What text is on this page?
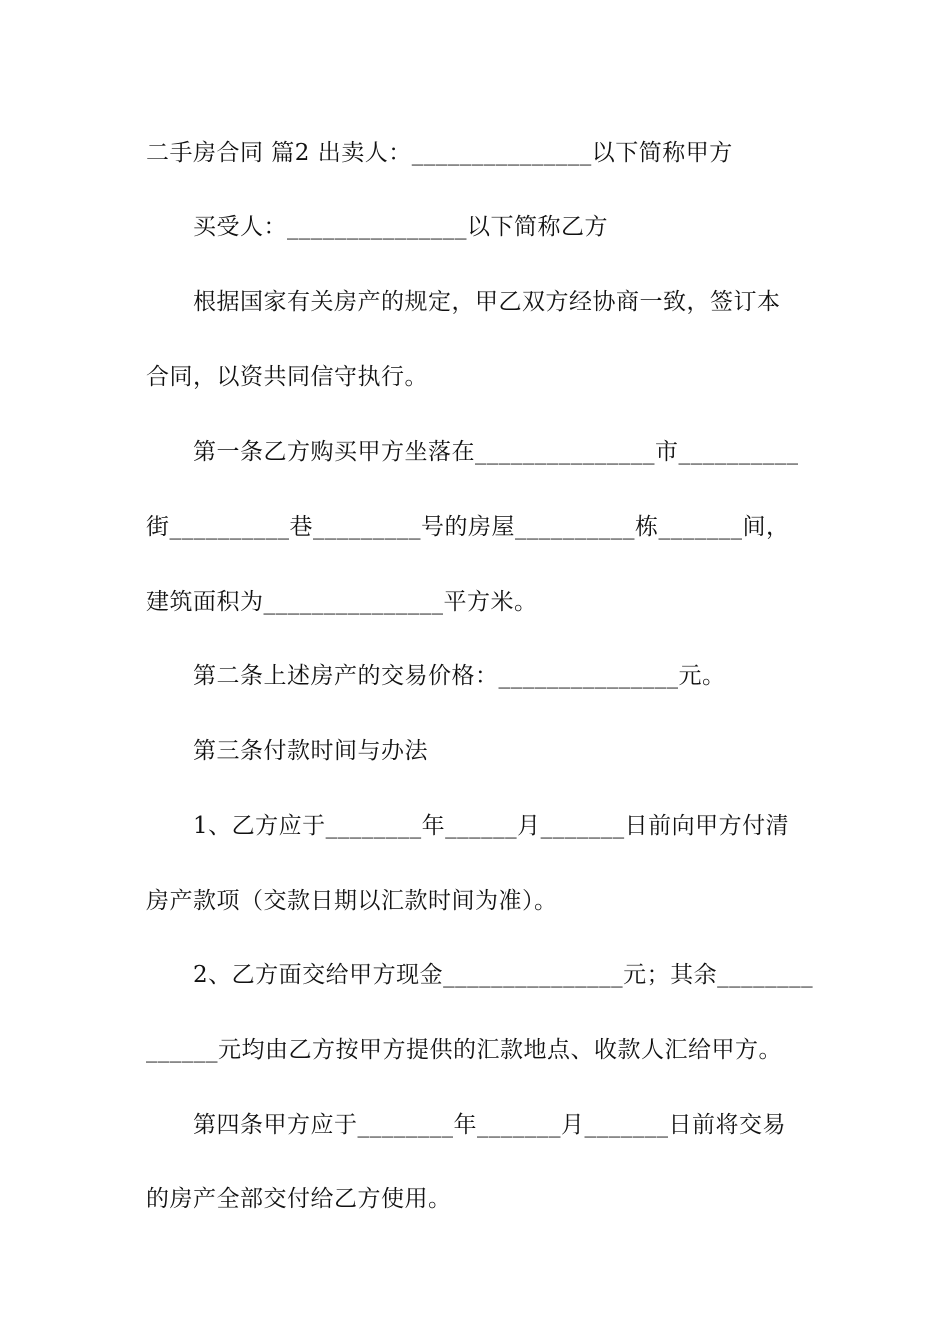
二手房合同 篇2 出卖人：_______________以下简称甲方
买受人：_______________以下简称乙方
根据国家有关房产的规定，甲乙双方经协商一致，签订本
合同，以资共同信守执行。
第一条乙方购买甲方坐落在_______________市__________
街__________巷_________号的房屋__________栋_______间，
建筑面积为_______________平方米。
第二条上述房产的交易价格：_______________元。
第三条付款时间与办法
1、乙方应于________年______月_______日前向甲方付清
房产款项（交款日期以汇款时间为准）。
2、乙方面交给甲方现金_______________元；其余________
______元均由乙方按甲方提供的汇款地点、收款人汇给甲方。
第四条甲方应于________年_______月_______日前将交易
的房产全部交付给乙方使用。
